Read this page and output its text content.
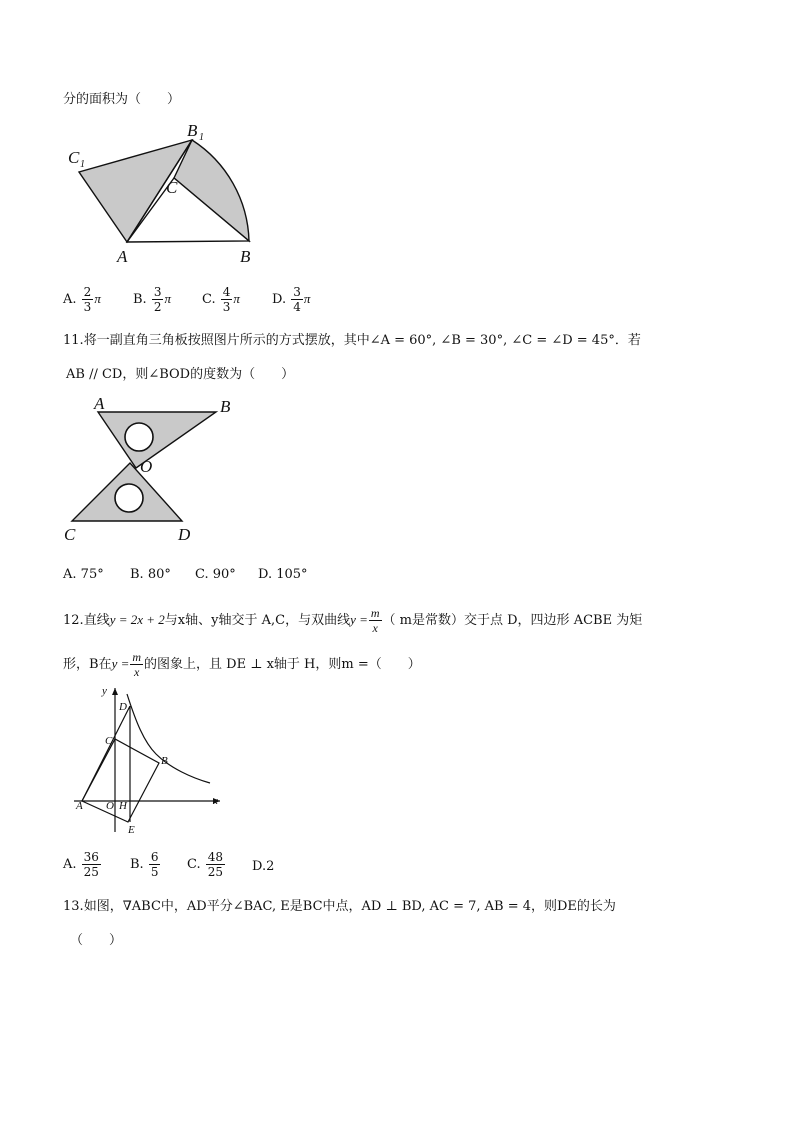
分的面积为（　　）
B 1
C 1
C
A	B
A. $\frac{2}{3}$ π B. $\frac{3}{2}$ π C. $\frac{4}{3}$ π D. $\frac{3}{4}$ π
11.将一副直角三角板按照图片所示的方式摆放，其中∠A = 60°, ∠B = 30°, ∠C = ∠D = 45°．若
AB // CD，则∠BOD的度数为（　　）
A	B
O
C	D
A. 75° B. 80° C. 90° D. 105°
12.直线y = 2x + 2与x轴、y轴交于 A,C，与双曲线$y = \frac{m}{x}$ （ m是常数）交于点 D，四边形 ACBE 为矩
形，B在$y = \frac{m}{x}$ 的图象上，且 DE ⊥ x轴于 H，则m =（　　）
y
x
D
C
B
A O H
E
A. $\frac{36}{25} B$. $\frac{6}{5} C$. $\frac{48}{25} D.2$
13.如图，∇ABC中，AD平分∠BAC, E是BC中点，AD ⊥ BD, AC = 7, AB = 4，则DE的长为
（　　）
